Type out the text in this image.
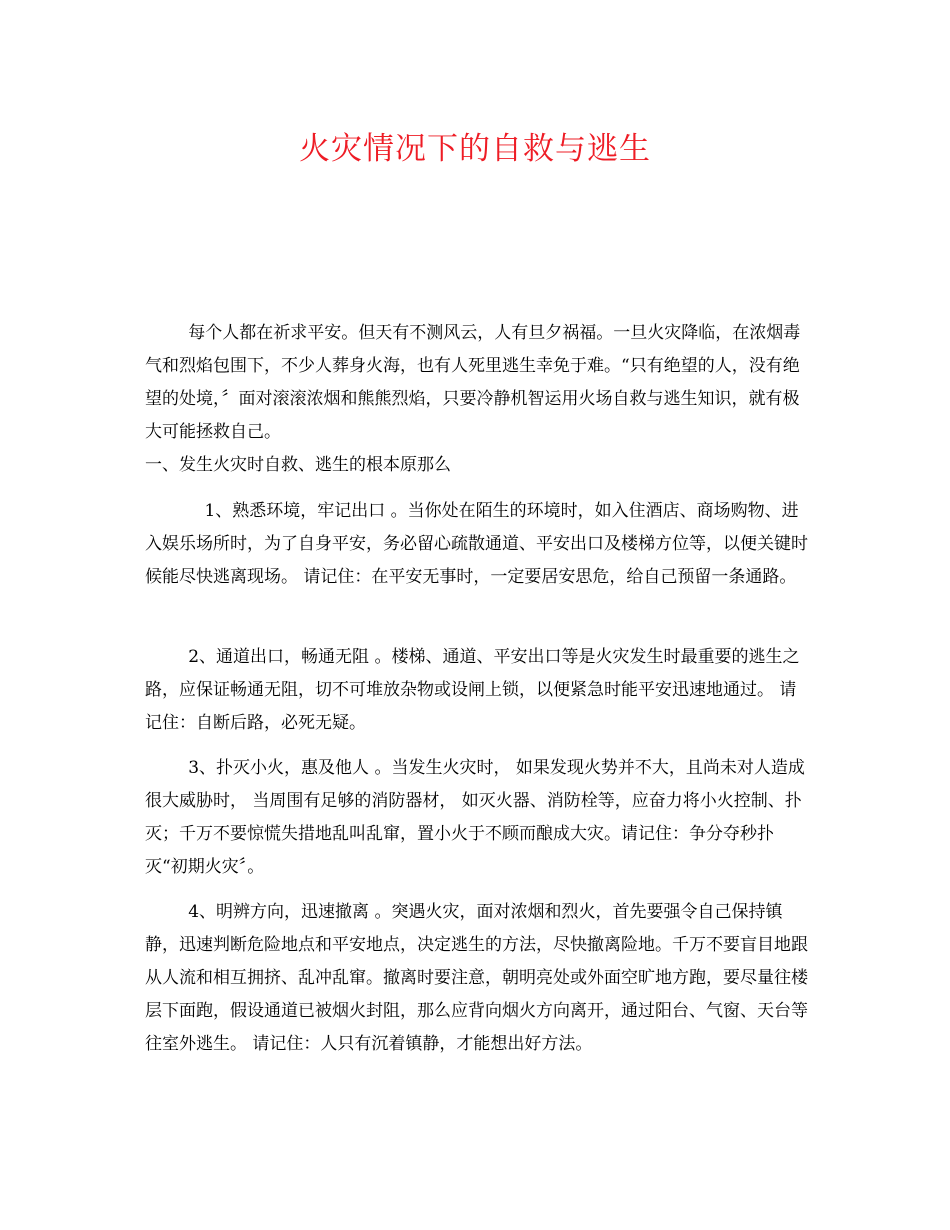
火灾情况下的自救与逃生

每个人都在祈求平安。但天有不测风云，人有旦夕祸福。一旦火灾降临，在浓烟毒气和烈焰包围下，不少人葬身火海，也有人死里逃生幸免于难。“只有绝望的人，没有绝望的处境，〞面对滚滚浓烟和熊熊烈焰，只要冷静机智运用火场自救与逃生知识，就有极大可能拯救自己。

一、发生火灾时自救、逃生的根本原那么

1、熟悉环境，牢记出口 。当你处在陌生的环境时，如入住酒店、商场购物、进入娱乐场所时，为了自身平安，务必留心疏散通道、平安出口及楼梯方位等，以便关键时候能尽快逃离现场。 请记住：在平安无事时，一定要居安思危，给自己预留一条通路。

2、通道出口，畅通无阻 。楼梯、通道、平安出口等是火灾发生时最重要的逃生之路，应保证畅通无阻，切不可堆放杂物或设闸上锁，以便紧急时能平安迅速地通过。 请记住：自断后路，必死无疑。

3、扑灭小火，惠及他人 。当发生火灾时， 如果发现火势并不大，且尚未对人造成很大威胁时， 当周围有足够的消防器材， 如灭火器、消防栓等，应奋力将小火控制、扑灭；千万不要惊慌失措地乱叫乱窜，置小火于不顾而酿成大灾。请记住：争分夺秒扑灭“初期火灾〞。

4、明辨方向，迅速撤离 。突遇火灾，面对浓烟和烈火，首先要强令自己保持镇静，迅速判断危险地点和平安地点，决定逃生的方法，尽快撤离险地。千万不要盲目地跟从人流和相互拥挤、乱冲乱窜。撤离时要注意，朝明亮处或外面空旷地方跑，要尽量往楼层下面跑，假设通道已被烟火封阻，那么应背向烟火方向离开，通过阳台、气窗、天台等往室外逃生。 请记住：人只有沉着镇静，才能想出好方法。
